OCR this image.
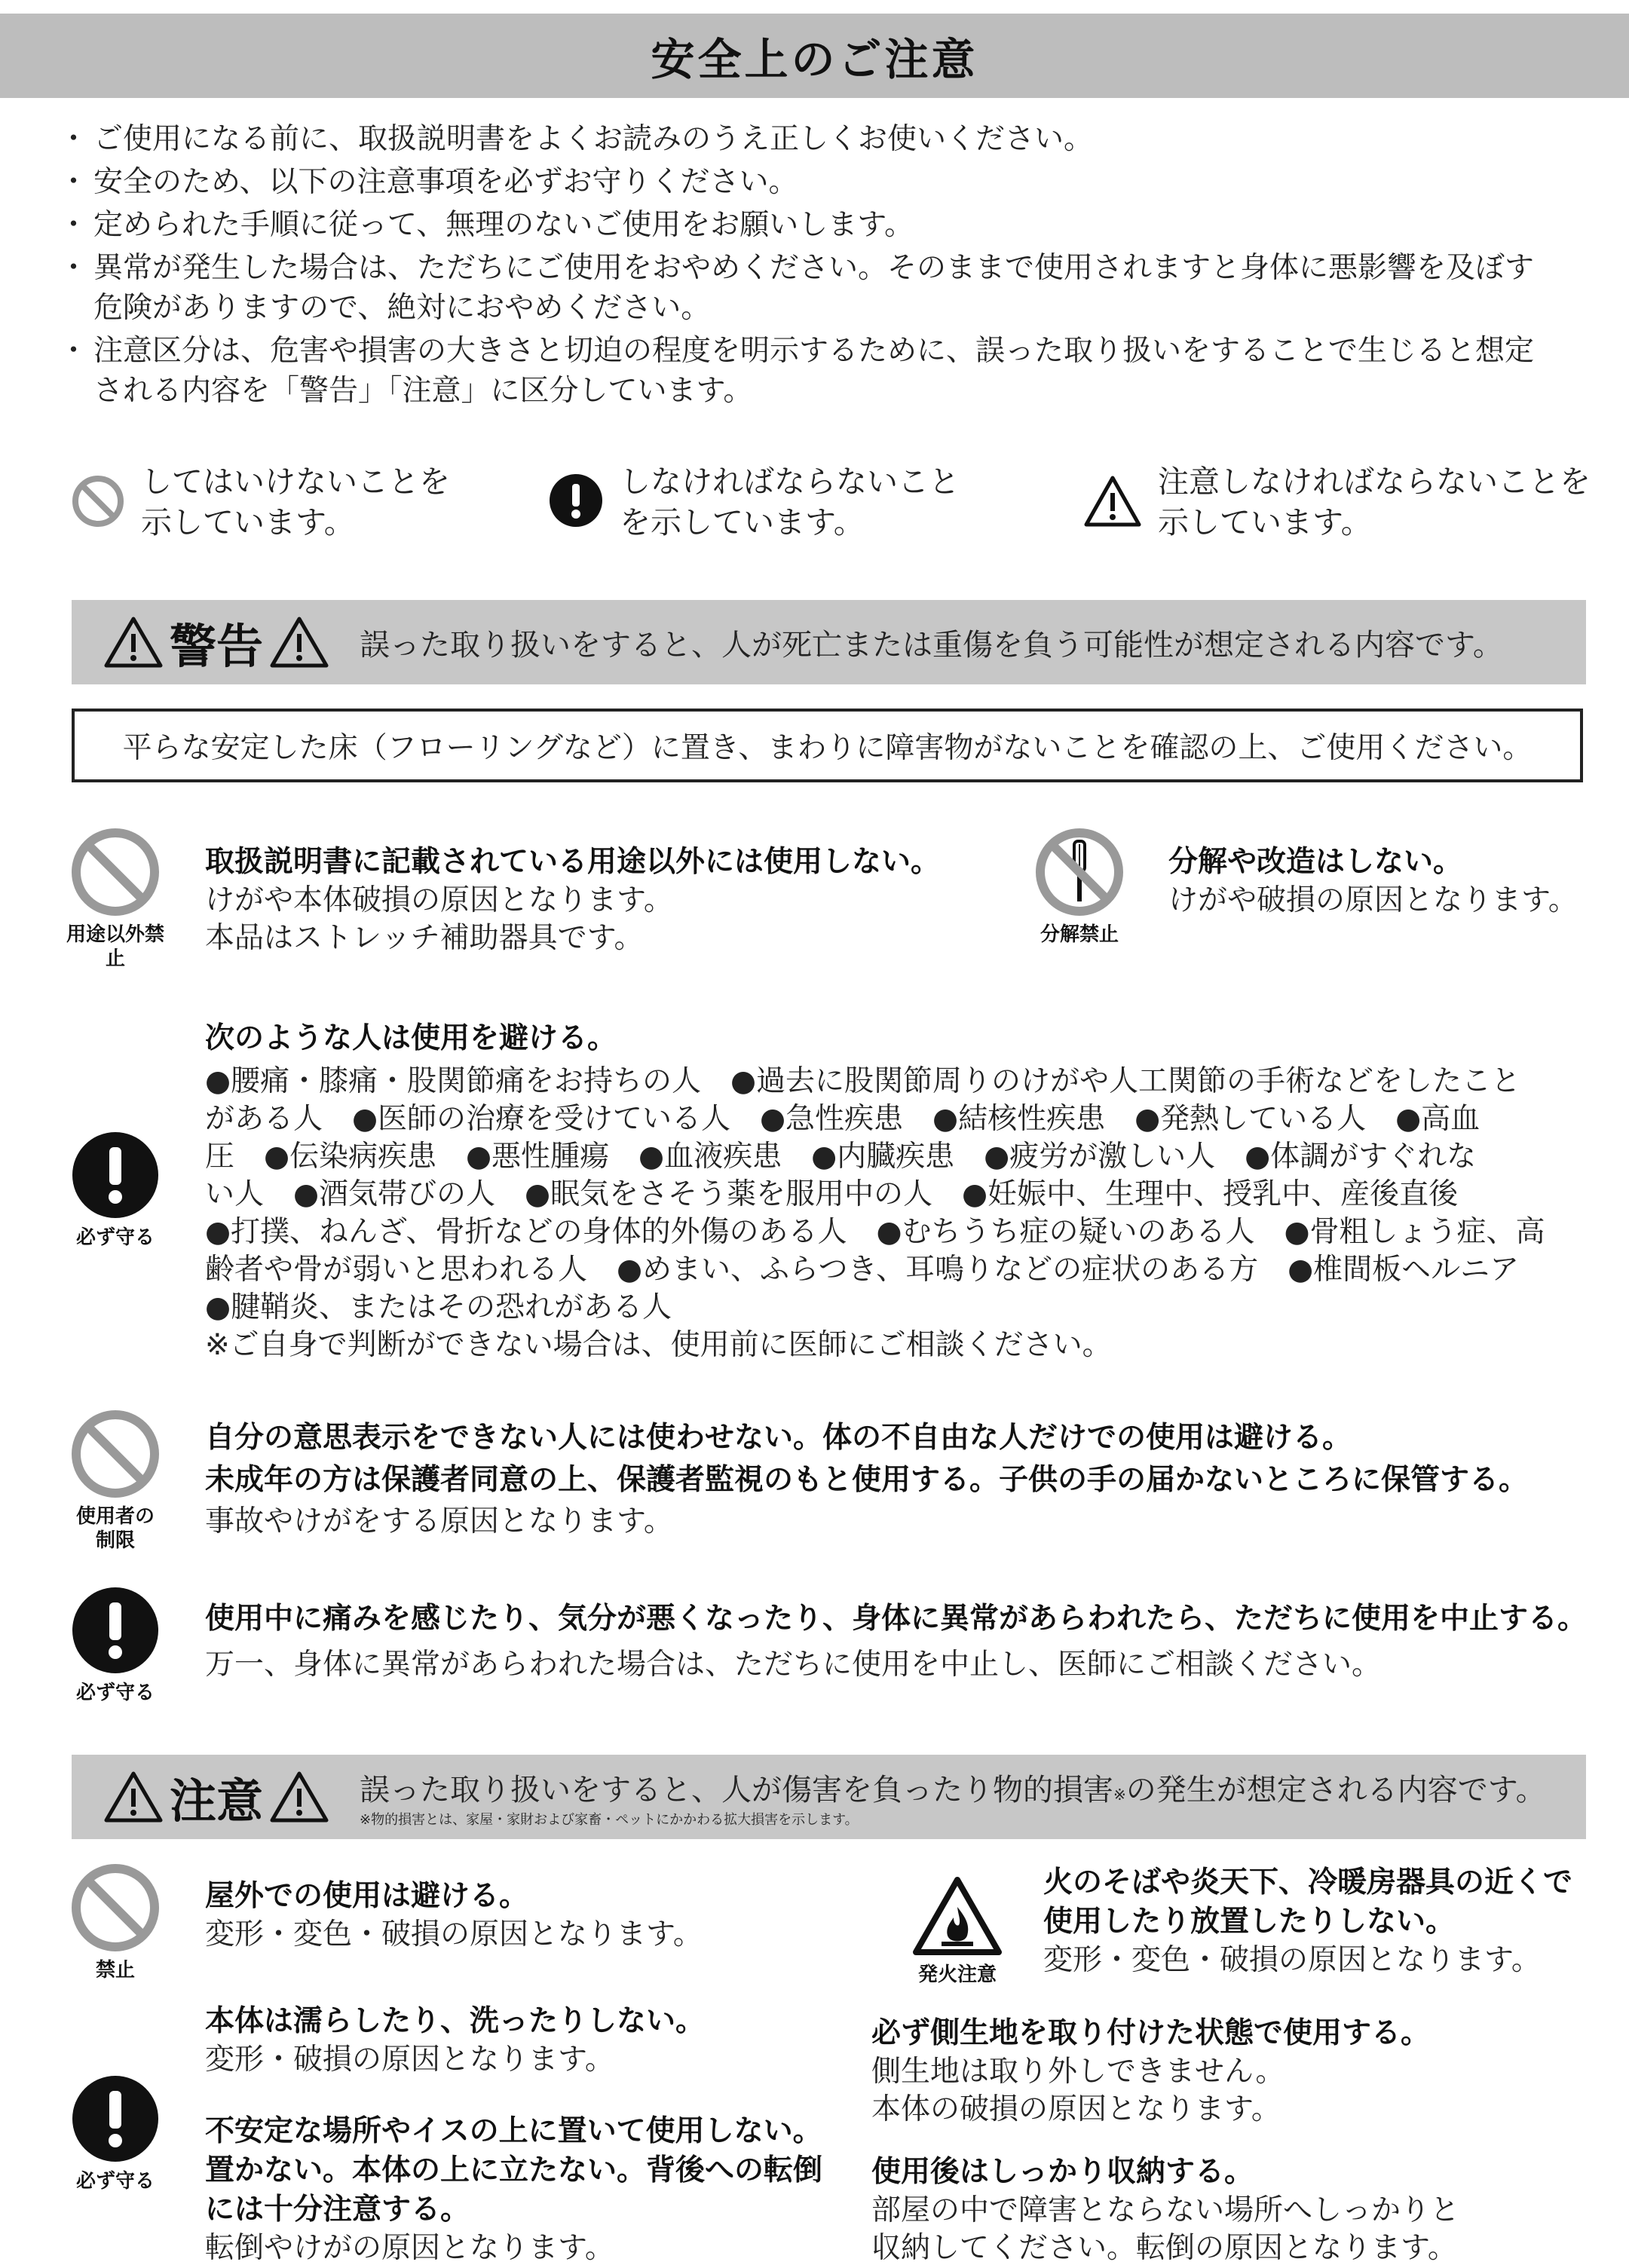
安全上のご注意
・ ご使用になる前に、取扱説明書をよくお読みのうえ正しくお使いください。
・ 安全のため、以下の注意事項を必ずお守りください。
・ 定められた手順に従って、無理のないご使用をお願いします。
・ 異常が発生した場合は、ただちにご使用をおやめください。そのままで使用されますと身体に悪影響を及ぼす
危険がありますので、絶対におやめください。
・ 注意区分は、危害や損害の大きさと切迫の程度を明示するために、誤った取り扱いをすることで生じると想定
される内容を「警告」「注意」に区分しています。
してはいけないことを示しています。
しなければならないことを示しています。
注意しなければならないことを示しています。
警告	誤った取り扱いをすると、人が死亡または重傷を負う可能性が想定される内容です。
平らな安定した床（フローリングなど）に置き、まわりに障害物がないことを確認の上、ご使用ください。
用途以外禁止
取扱説明書に記載されている用途以外には使用しない。
けがや本体破損の原因となります。
本品はストレッチ補助器具です。	分解禁止
分解や改造はしない。
けがや破損の原因となります。
次のような人は使用を避ける。
必ず守る
●腰痛・膝痛・股関節痛をお持ちの人　●過去に股関節周りのけがや人工関節の手術などをしたこと
がある人　●医師の治療を受けている人　●急性疾患　●結核性疾患　●発熱している人　●高血
圧　●伝染病疾患　●悪性腫瘍　●血液疾患　●内臓疾患　●疲労が激しい人　●体調がすぐれな
い人　●酒気帯びの人　●眠気をさそう薬を服用中の人　●妊娠中、生理中、授乳中、産後直後
●打撲、ねんざ、骨折などの身体的外傷のある人　●むちうち症の疑いのある人　●骨粗しょう症、高
齢者や骨が弱いと思われる人　●めまい、ふらつき、耳鳴りなどの症状のある方　●椎間板ヘルニア
●腱鞘炎、またはその恐れがある人
※ご自身で判断ができない場合は、使用前に医師にご相談ください。
使用者の制限
自分の意思表示をできない人には使わせない。体の不自由な人だけでの使用は避ける。
未成年の方は保護者同意の上、保護者監視のもと使用する。子供の手の届かないところに保管する。
事故やけがをする原因となります。
必ず守る
使用中に痛みを感じたり、気分が悪くなったり、身体に異常があらわれたら、ただちに使用を中止する。
万一、身体に異常があらわれた場合は、ただちに使用を中止し、医師にご相談ください。
注意	誤った取り扱いをすると、人が傷害を負ったり物的損害※の発生が想定される内容です。
※物的損害とは、家屋・家財および家畜・ペットにかかわる拡大損害を示します。
禁止
屋外での使用は避ける。
変形・変色・破損の原因となります。
本体は濡らしたり、洗ったりしない。
変形・破損の原因となります。
必ず守る
不安定な場所やイスの上に置いて使用しない。
置かない。本体の上に立たない。背後への転倒
には十分注意する。
転倒やけがの原因となります。
発火注意
火のそばや炎天下、冷暖房器具の近くで
使用したり放置したりしない。
変形・変色・破損の原因となります。
必ず側生地を取り付けた状態で使用する。
側生地は取り外しできません。
本体の破損の原因となります。
使用後はしっかり収納する。
部屋の中で障害とならない場所へしっかりと
収納してください。転倒の原因となります。
